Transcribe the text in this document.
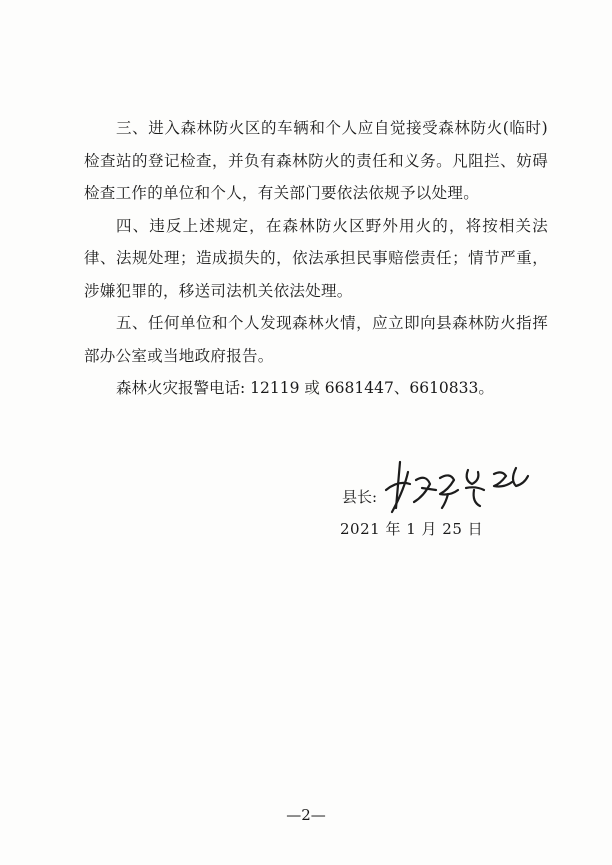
三、进入森林防火区的车辆和个人应自觉接受森林防火(临时)检查站的登记检查，并负有森林防火的责任和义务。凡阻拦、妨碍检查工作的单位和个人，有关部门要依法依规予以处理。

四、违反上述规定，在森林防火区野外用火的，将按相关法律、法规处理；造成损失的，依法承担民事赔偿责任；情节严重，涉嫌犯罪的，移送司法机关依法处理。

五、任何单位和个人发现森林火情，应立即向县森林防火指挥部办公室或当地政府报告。

森林火灾报警电话: 12119 或 6681447、6610833。

县长:
2021 年 1 月 25 日
—2—
